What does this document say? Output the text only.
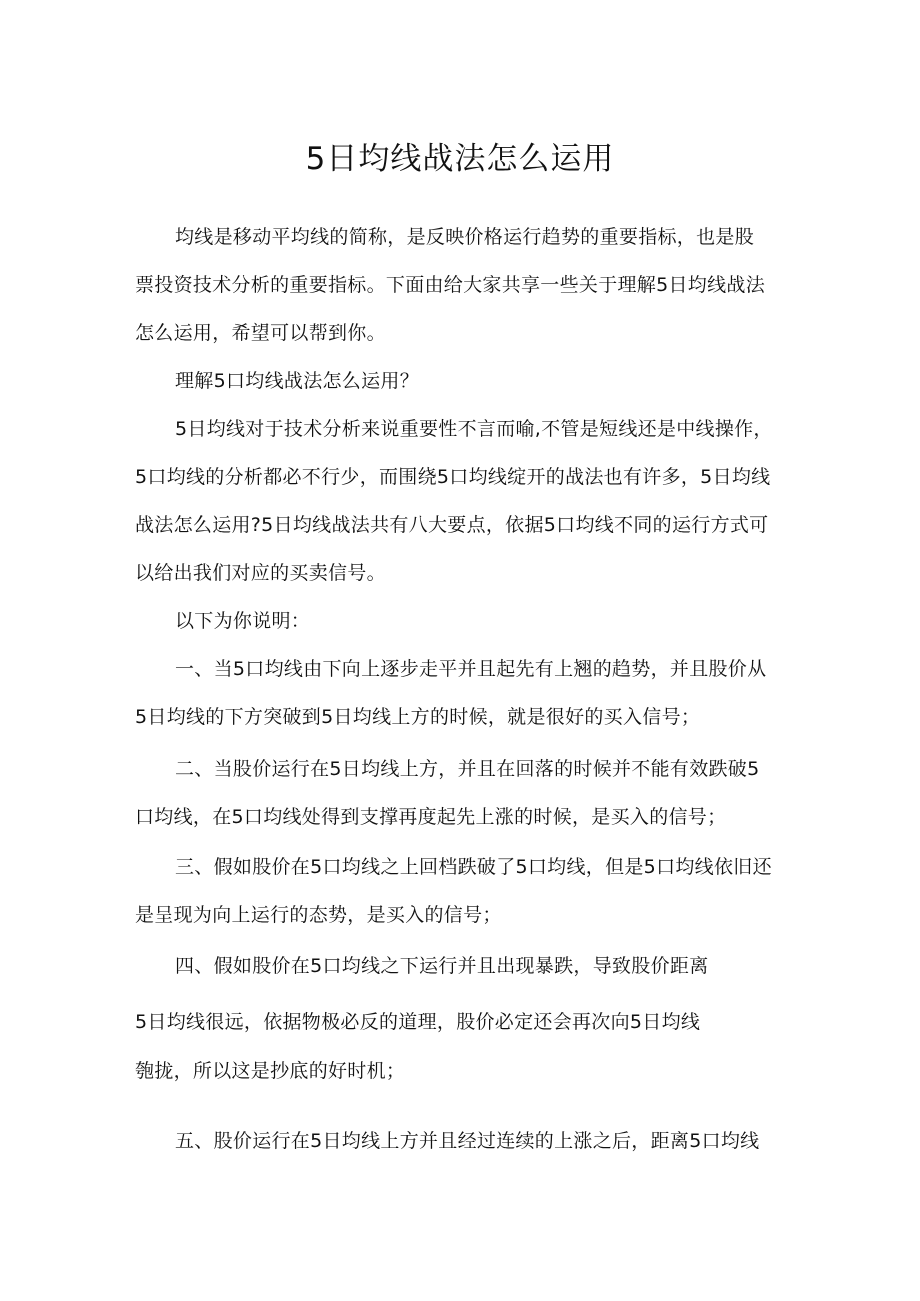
5日均线战法怎么运用
均线是移动平均线的简称，是反映价格运行趋势的重要指标，也是股
票投资技术分析的重要指标。下面由给大家共享一些关于理解5日均线战法
怎么运用，希望可以帮到你。
理解5口均线战法怎么运用？
5日均线对于技术分析来说重要性不言而喻,不管是短线还是中线操作，
5口均线的分析都必不行少，而围绕5口均线绽开的战法也有许多，5日均线
战法怎么运用?5日均线战法共有八大要点，依据5口均线不同的运行方式可
以给出我们对应的买卖信号。
以下为你说明：
一、当5口均线由下向上逐步走平并且起先有上翘的趋势，并且股价从
5日均线的下方突破到5日均线上方的时候，就是很好的买入信号；
二、当股价运行在5日均线上方，并且在回落的时候并不能有效跌破5
口均线，在5口均线处得到支撑再度起先上涨的时候，是买入的信号；
三、假如股价在5口均线之上回档跌破了5口均线，但是5口均线依旧还
是呈现为向上运行的态势，是买入的信号；
四、假如股价在5口均线之下运行并且出现暴跌，导致股价距离
5日均线很远，依据物极必反的道理，股价必定还会再次向5日均线
匏拢，所以这是抄底的好时机；
五、股价运行在5日均线上方并且经过连续的上涨之后，距离5口均线
